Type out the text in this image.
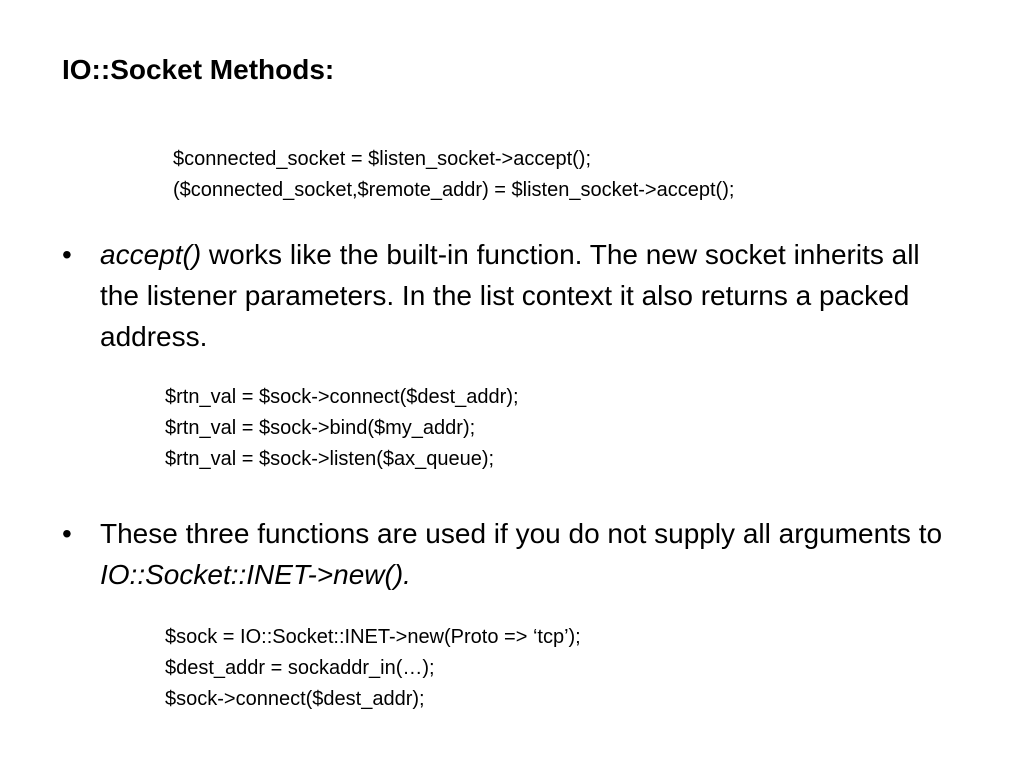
IO::Socket Methods:
$connected_socket = $listen_socket->accept();
($connected_socket,$remote_addr) = $listen_socket->accept();
•	accept() works like the built-in function. The new socket inherits all the listener parameters. In the list context it also returns a packed address.
$rtn_val = $sock->connect($dest_addr);
$rtn_val = $sock->bind($my_addr);
$rtn_val = $sock->listen($ax_queue);
•	These three functions are used if you do not supply all arguments to IO::Socket::INET->new().
$sock = IO::Socket::INET->new(Proto => ‘tcp’);
$dest_addr = sockaddr_in(…);
$sock->connect($dest_addr);
